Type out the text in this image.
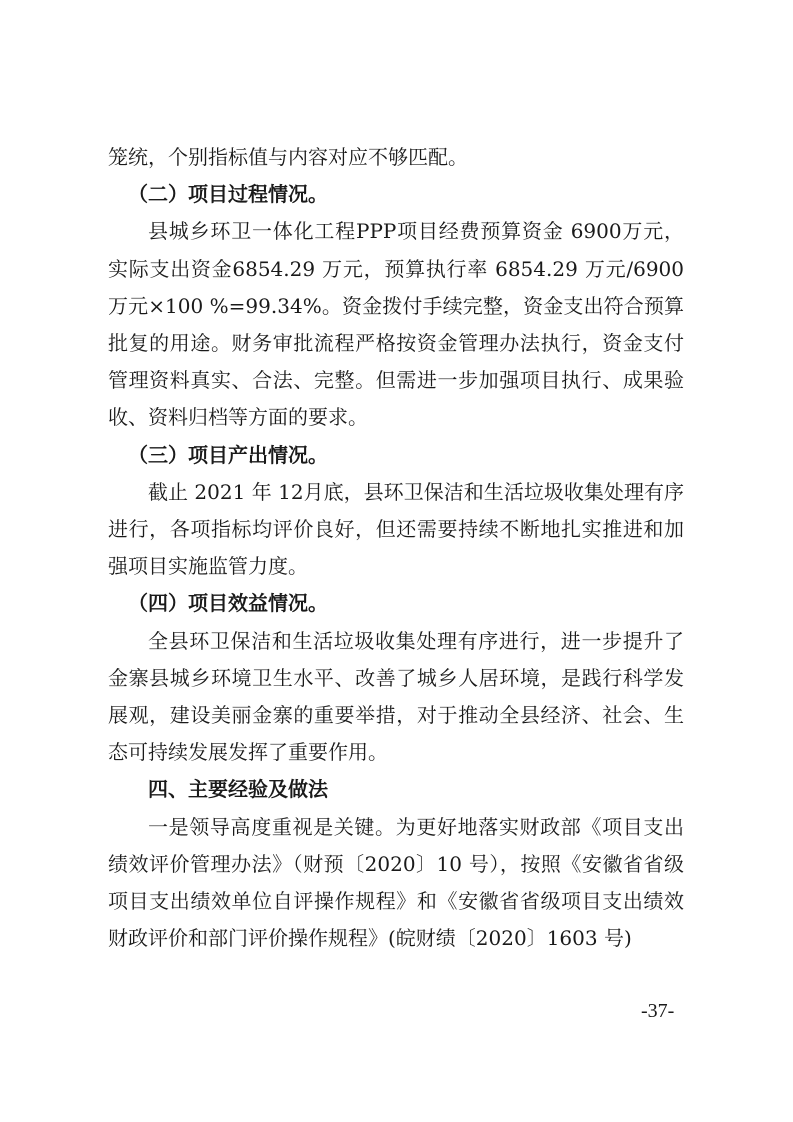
笼统，个别指标值与内容对应不够匹配。

（二）项目过程情况。

县城乡环卫一体化工程PPP项目经费预算资金 6900万元，实际支出资金6854.29 万元，预算执行率 6854.29 万元/6900万元×100 %=99.34%。资金拨付手续完整，资金支出符合预算批复的用途。财务审批流程严格按资金管理办法执行，资金支付管理资料真实、合法、完整。但需进一步加强项目执行、成果验收、资料归档等方面的要求。

（三）项目产出情况。

截止 2021 年 12月底，县环卫保洁和生活垃圾收集处理有序进行，各项指标均评价良好，但还需要持续不断地扎实推进和加强项目实施监管力度。

（四）项目效益情况。

全县环卫保洁和生活垃圾收集处理有序进行，进一步提升了金寨县城乡环境卫生水平、改善了城乡人居环境，是践行科学发展观，建设美丽金寨的重要举措，对于推动全县经济、社会、生态可持续发展发挥了重要作用。

四、主要经验及做法

一是领导高度重视是关键。为更好地落实财政部《项目支出绩效评价管理办法》（财预〔2020〕10 号），按照《安徽省省级项目支出绩效单位自评操作规程》和《安徽省省级项目支出绩效财政评价和部门评价操作规程》(皖财绩〔2020〕1603 号)

-37-
